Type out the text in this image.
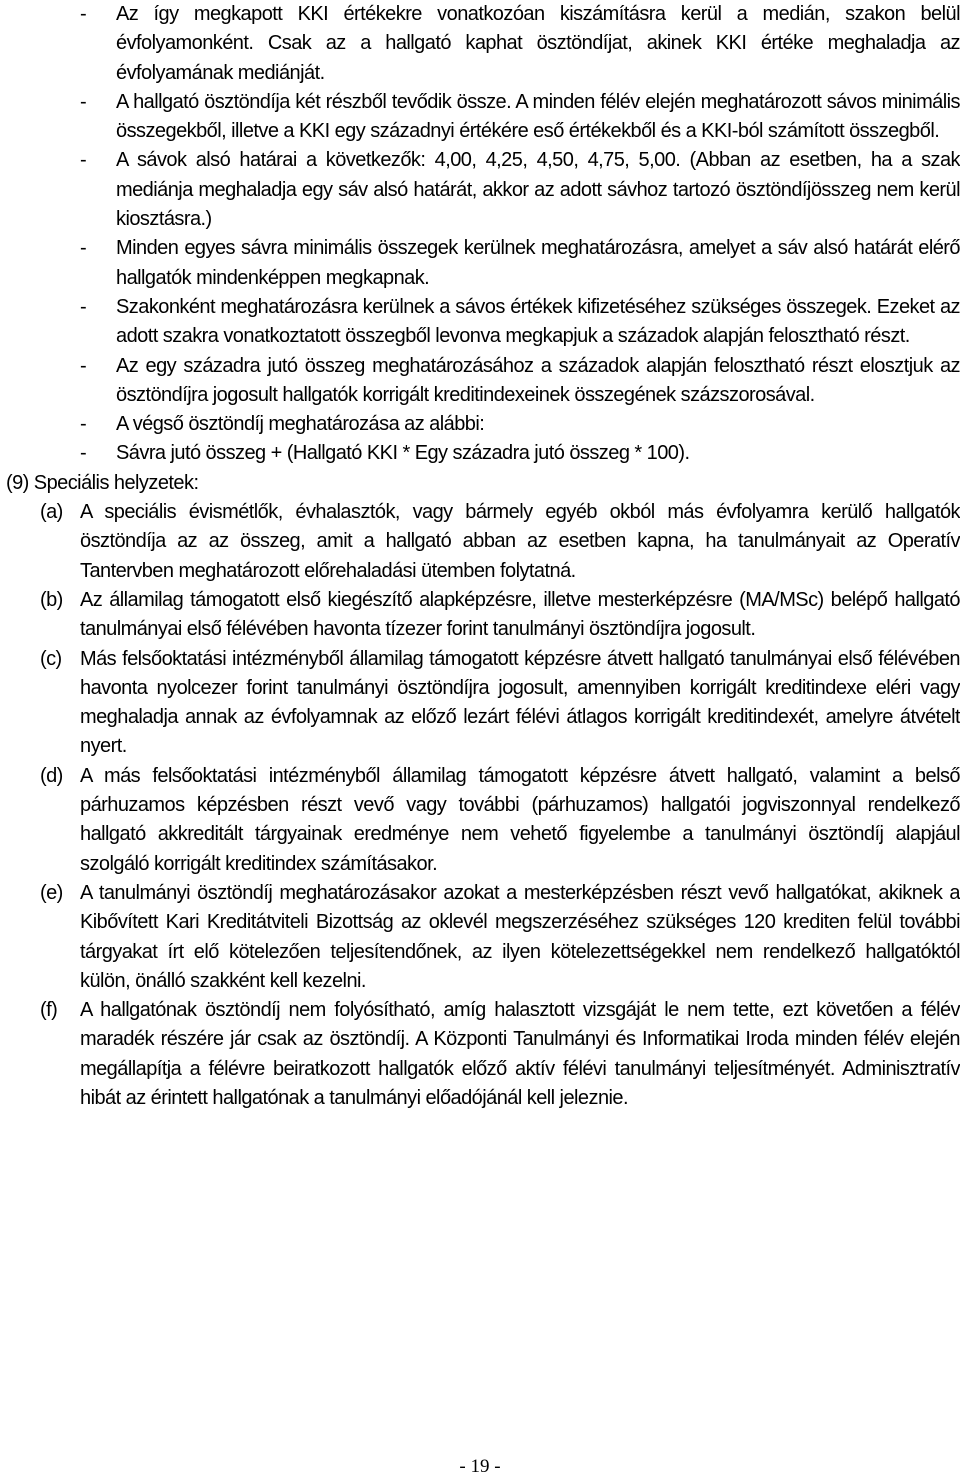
- Az így megkapott KKI értékekre vonatkozóan kiszámításra kerül a medián, szakon belül évfolyamonként. Csak az a hallgató kaphat ösztöndíjat, akinek KKI értéke meghaladja az évfolyamának mediánját.
- A hallgató ösztöndíja két részből tevődik össze. A minden félév elején meghatározott sávos minimális összegekből, illetve a KKI egy századnyi értékére eső értékekből és a KKI-ból számított összegből.
- A sávok alsó határai a következők: 4,00, 4,25, 4,50, 4,75, 5,00. (Abban az esetben, ha a szak mediánja meghaladja egy sáv alsó határát, akkor az adott sávhoz tartozó ösztöndíjösszeg nem kerül kiosztásra.)
- Minden egyes sávra minimális összegek kerülnek meghatározásra, amelyet a sáv alsó határát elérő hallgatók mindenképpen megkapnak.
- Szakonként meghatározásra kerülnek a sávos értékek kifizetéséhez szükséges összegek. Ezeket az adott szakra vonatkoztatott összegből levonva megkapjuk a századok alapján felosztható részt.
- Az egy századra jutó összeg meghatározásához a századok alapján felosztható részt elosztjuk az ösztöndíjra jogosult hallgatók korrigált kreditindexeinek összegének százszorosával.
- A végső ösztöndíj meghatározása az alábbi:
- Sávra jutó összeg + (Hallgató KKI * Egy századra jutó összeg * 100).
(9) Speciális helyzetek:
(a) A speciális évismétlők, évhalasztók, vagy bármely egyéb okból más évfolyamra kerülő hallgatók ösztöndíja az az összeg, amit a hallgató abban az esetben kapna, ha tanulmányait az Operatív Tantervben meghatározott előrehaladási ütemben folytatná.
(b) Az államilag támogatott első kiegészítő alapképzésre, illetve mesterképzésre (MA/MSc) belépő hallgató tanulmányai első félévében havonta tízezer forint tanulmányi ösztöndíjra jogosult.
(c) Más felsőoktatási intézményből államilag támogatott képzésre átvett hallgató tanulmányai első félévében havonta nyolcezer forint tanulmányi ösztöndíjra jogosult, amennyiben korrigált kreditindexe eléri vagy meghaladja annak az évfolyamnak az előző lezárt félévi átlagos korrigált kreditindexét, amelyre átvételt nyert.
(d) A más felsőoktatási intézményből államilag támogatott képzésre átvett hallgató, valamint a belső párhuzamos képzésben részt vevő vagy további (párhuzamos) hallgatói jogviszonnyal rendelkező hallgató akkreditált tárgyainak eredménye nem vehető figyelembe a tanulmányi ösztöndíj alapjául szolgáló korrigált kreditindex számításakor.
(e) A tanulmányi ösztöndíj meghatározásakor azokat a mesterképzésben részt vevő hallgatókat, akiknek a Kibővített Kari Kreditátviteli Bizottság az oklevél megszerzéséhez szükséges 120 krediten felül további tárgyakat írt elő kötelezően teljesítendőnek, az ilyen kötelezettségekkel nem rendelkező hallgatóktól külön, önálló szakként kell kezelni.
(f) A hallgatónak ösztöndíj nem folyósítható, amíg halasztott vizsgáját le nem tette, ezt követően a félév maradék részére jár csak az ösztöndíj. A Központi Tanulmányi és Informatikai Iroda minden félév elején megállapítja a félévre beiratkozott hallgatók előző aktív félévi tanulmányi teljesítményét. Adminisztratív hibát az érintett hallgatónak a tanulmányi előadójánál kell jeleznie.
- 19 -
